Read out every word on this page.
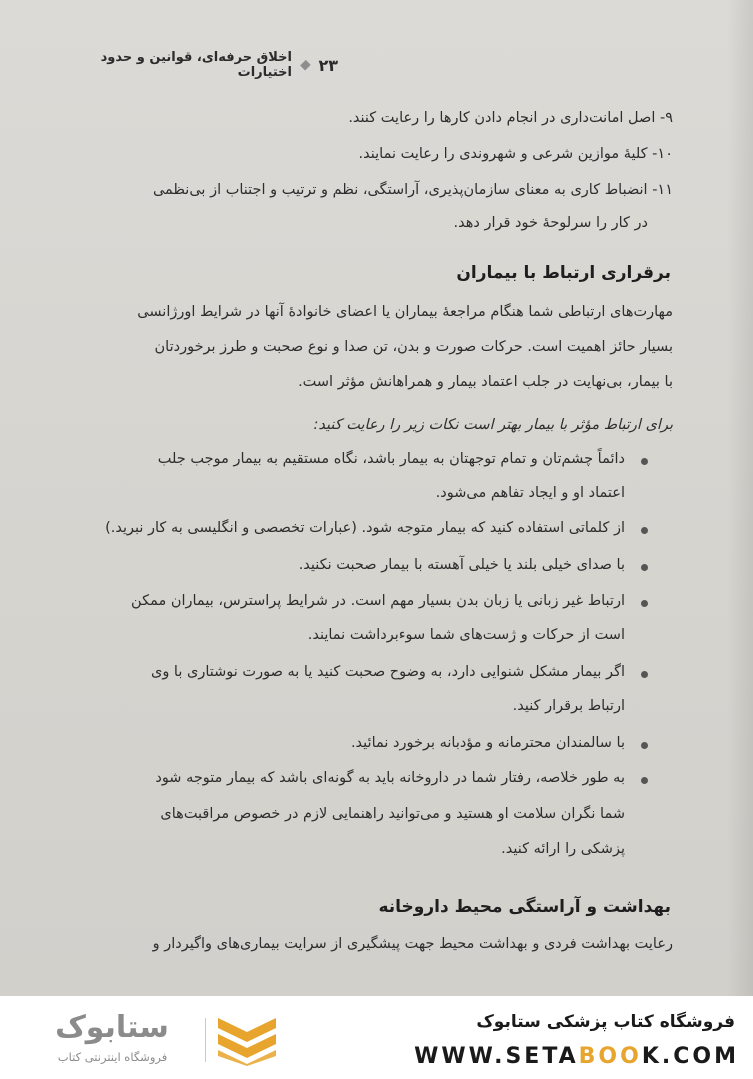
اخلاق حرفه‌ای، قوانین و حدود اختیارات ۲۳
۹- اصل امانت‌داری در انجام دادن کارها را رعایت کنند.
۱۰- کلیهٔ موازین شرعی و شهروندی را رعایت نمایند.
۱۱- انضباط کاری به معنای سازمان‌پذیری، آراستگی، نظم و ترتیب و اجتناب از بی‌نظمی
در کار را سرلوحهٔ خود قرار دهد.
برقراری ارتباط با بیماران
مهارت‌های ارتباطی شما هنگام مراجعهٔ بیماران یا اعضای خانوادهٔ آنها در شرایط اورژانسی
بسیار حائز اهمیت است. حرکات صورت و بدن، تن صدا و نوع صحبت و طرز برخوردتان
با بیمار، بی‌نهایت در جلب اعتماد بیمار و همراهانش مؤثر است.
برای ارتباط مؤثر با بیمار بهتر است نکات زیر را رعایت کنید:
دائماً چشم‌تان و تمام توجهتان به بیمار باشد، نگاه مستقیم به بیمار موجب جلب
اعتماد او و ایجاد تفاهم می‌شود.
از کلماتی استفاده کنید که بیمار متوجه شود. (عبارات تخصصی و انگلیسی به کار نبرید.)
با صدای خیلی بلند یا خیلی آهسته با بیمار صحبت نکنید.
ارتباط غیر زبانی یا زبان بدن بسیار مهم است. در شرایط پراسترس، بیماران ممکن
است از حرکات و ژست‌های شما سوءبرداشت نمایند.
اگر بیمار مشکل شنوایی دارد، به وضوح صحبت کنید یا به صورت نوشتاری با وی
ارتباط برقرار کنید.
با سالمندان محترمانه و مؤدبانه برخورد نمائید.
به طور خلاصه، رفتار شما در داروخانه باید به گونه‌ای باشد که بیمار متوجه شود
شما نگران سلامت او هستید و می‌توانید راهنمایی لازم در خصوص مراقبت‌های
پزشکی را ارائه کنید.
بهداشت و آراستگی محیط داروخانه
رعایت بهداشت فردی و بهداشت محیط جهت پیشگیری از سرایت بیماری‌های واگیردار و
فروشگاه کتاب پزشکی ستابوک
WWW.SETABOOK.COM
ستابوک
فروشگاه اینترنتی کتاب
